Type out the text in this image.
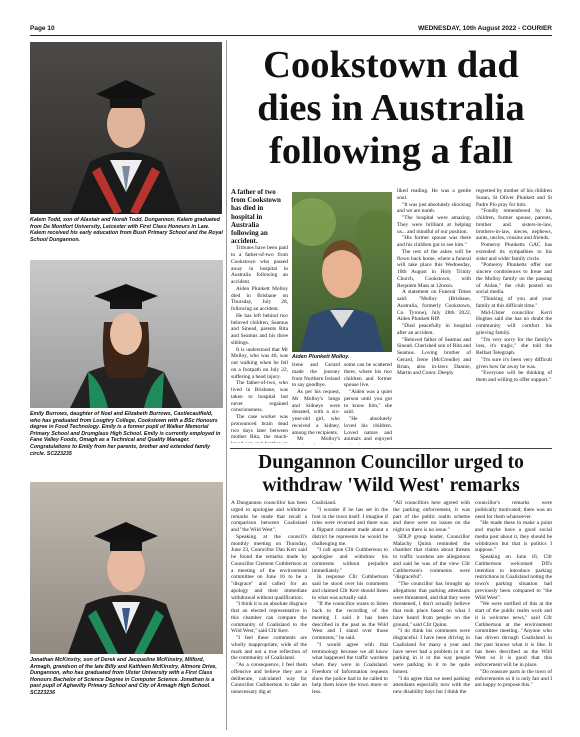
Page 10	WEDNESDAY, 10th August 2022 - COURIER

Kalem Todd, son of Alastair and Norah Todd, Dungannon. Kalem graduated from De Montfort University, Leicester with First Class Honours in Law. Kalem received his early education from Bush Primary School and the Royal School Dungannon.

Emily Burrows, daughter of Noel and Elizabeth Burrows, Castlecaulfield, who has graduated from Loughry College, Cookstown with a BSc Honours degree in Food Technology. Emily is a former pupil of Walker Memorial Primary School and Drumglass High School. Emily is currently employed in Fane Valley Foods, Omagh as a Technical and Quality Manager. Congratulations to Emily from her parents, brother and extended family circle. SC223235

Jonathan McKinstry, son of Derek and Jacqueline McKinstry, Milford, Armagh, grandson of the late Billy and Kathleen McKinstry, Altmore Drive, Dungannon, who has graduated from Ulster University with a First Class Honours Bachelor of Science Degree in Computer Science. Jonathan is a past pupil of Aghavilly Primary School and City of Armagh High School. SC223236

Cookstown dad
dies in Australia
following a fall

A father of two from Cookstown has died in hospital in Australia following an accident.

Tributes have been paid to a father-of-two from Cookstown who passed away in hospital in Australia following an accident.

Aiden Plunkett Molloy died in Brisbane on Thursday, July 28, following an accident.

He has left behind two beloved children, Seamus and Sinead, parents Rita and Seamus and his three siblings.

It is understood that Mr Molloy, who was 46, was out walking when he fell on a footpath on July 22, suffering a head injury.

The father-of-two, who lived in Brisbane, was taken to hospital but never regained consciousness.

The case worker was pronounced brain dead two days later between mother Rita, the much-

Aiden Plunkett Molloy.

Irene and Gerard made the journey from Northern Ireland to say goodbye.

As per his request, Mr Molloy's lungs and kidneys were donated, with a six-year-old girl, who received a kidney, among the recipients.

Mr Molloy's

some can be scattered there, where his two children and former spouse live.

"Aiden was a quiet person until you got to know him," she said.

"He absolutely loved his children. Loved nature and animals and enjoyed

liked reading. He was a gentle soul.

"It was just absolutely shocking and we are numb.

"The hospital were amazing. They were brilliant at helping us... and mindful of our position.

"His former spouse was there and his children got to see him."

The rest of the ashes will be flown back home, where a funeral will take place this Wednesday, 10th August in Holy Trinity Church, Cookstown, with Requiem Mass at 12noon.

A statement on Funeral Times said: "Molloy (Brisbane, Australia, formerly Cookstown, Co. Tyrone), July 28th 2022, Aiden Plunkett RIP.

"Died peacefully in hospital after an accident.

"Beloved father of Seamus and Sinead. Cherished son of Rita and Seamus. Loving brother of Gerard, Irene (McCrendle) and Brian, also in-laws Dannie, Martin and Conor. Deeply

regretted by mother of his children Susan, St Oliver Plunkett and St Padre Pio pray for him.

"Fondly remembered by his children, former spouse, parents, brother and sisters-in-law, brothers-in-law, nieces, nephews, aunts, uncles, cousins and friends.

Pomeroy Plunketts GAC has extended its sympathies to his sister and wider family circle.

"Pomeroy Plunketts offer our sincere condolences to Irene and the Molloy family on the passing of Aidan," the club posted on social media.

"Thinking of you and your family at this difficult time."

Mid-Ulster councillor Kerri Hughes said she has no doubt the community will comfort his grieving family.

"I'm very sorry for the family's loss, it's tragic," she told the Belfast Telegraph.

"I'm sure it's been very difficult given how far away he was.

"Everyone will be thinking of them and willing to offer support."

Dungannon Councillor urged to
withdraw 'Wild West' remarks

A Dungannon councillor has been urged to apologise and withdraw remarks he made that recall a comparison between Coalisland and "the Wild West".

Speaking at the council's monthly meeting on Thursday, June 23, Councillor Dan Kerr said he found the remarks made by Councillor Clement Cuthbertson at a meeting of the environment committee on June 16 to be a "disgrace" and called for an apology and their immediate withdrawal without qualification.

"I think it is an absolute disgrace that an elected representative in this chamber can compare the community of Coalisland to the Wild West," said Cllr Kerr.

"I feel these comments are wholly inappropriate, wide of the mark and not a true reflection of the community of Coalisland.

"As a consequence, I feel them offensive and believe they are a deliberate, calculated way for Councillor Cuthbertson to take an unnecessary dig at

Coalisland.

"I wonder if he has set in the foot in the town itself. I imagine if roles were reversed and there was a flippant comment made about a district he represents he would be challenging me.

"I call upon Cllr Cuthbertson to apologise and withdraw his comments without prejudice immediately."

In response Cllr Cuthbertson said he stood over his comments and claimed Cllr Kerr should listen to what was actually said.

"If the councillor wants to listen back to the recording of the meeting I said it has been described in the past as the Wild West and I stand over those comments," he said.

"I would agree with that terminology because we all know what happened the traffic wardens when they were in Coalisland. Freedom of Information requests show the police had to be called to help them leave the town more or less.

"All councillors here agreed with the parking enforcement, it was part of the public realm scheme and there were no issues on the night so there is no issue."

SDLP group leader, Councillor Malachy Quinn reminded the chamber that claims about threats to traffic wardens are allegations and said he was of the view Cllr Cuthbertson's comments were "disgraceful".

"The councillor has brought up allegations that parking attendants were threatened, and that they were threatened, I don't actually believe that took place based on what I have heard from people on the ground," said Cllr Quinn.

"I do think his comments were disgraceful. I have been driving in Coalisland for many a year and have never had a problem in it or parking in it or the way people were parking in it to be quite honest.

"I do agree that we need parking attendants especially now with the new disability bays but I think the

councillor's remarks were politically motivated; there was no need for them whatsoever.

"He made these to make a point and maybe have a good social media post about it, they should be withdrawn but that is politics I suppose."

Speaking on June 16, Cllr Cuthbertson welcomed DfI's intention to introduce parking restrictions in Coalisland noting the town's parking situation had previously been compared to "the Wild West".

"We were notified of this at the start of the public realm work and it is welcome news," said Cllr Cuthbertson at the environment committee meeting. "Anyone who has driven through Coalisland in the past knows what it is like. It has been described as the Wild West so it is good that this enforcement will be in place.

"Do reassure parts in the town of enforcements so it is only fair and I am happy to propose this."
